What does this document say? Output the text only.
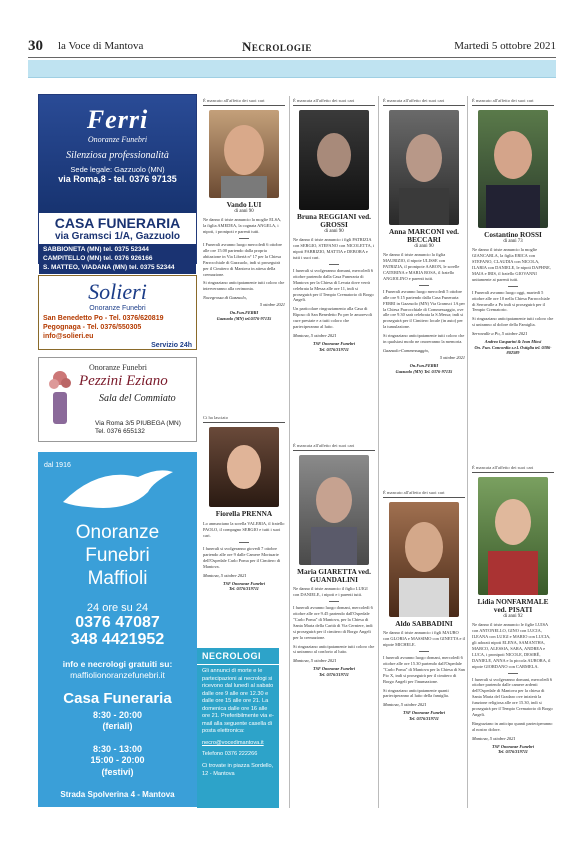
30 la Voce di Mantova	Necrologie	Martedì 5 ottobre 2021
Ferri
Onoranze Funebri
Silenziosa professionalità
Sede legale: Gazzuolo (MN)
via Roma,8 - tel. 0376 97135
CASA FUNERARIA
via Gramsci 1/A, Gazzuolo
SABBIONETA (MN) tel. 0375 52344
CAMPITELLO (MN) tel. 0376 926166
S. MATTEO, VIADANA (MN) tel. 0375 52344
Solieri
Onoranze Funebri
San Benedetto Po - Tel. 0376/620819
Pegognaga - Tel. 0376/550305
info@solieri.eu
Servizio 24h
Onoranze Funebri
Pezzini Eziano
Sala del Commiato
Via Roma 3/5 PIUBEGA (MN)
Tel. 0376 655132
dal 1916
Onoranze
Funebri
Maffioli
24 ore su 24
0376 47087
348 4421952
info e necrologi gratuiti su:
maffiolionoranzefunebri.it
Casa Funeraria
8:30 - 20:00
(feriali)
8:30 - 13:00
15:00 - 20:00
(festivi)
Strada Spolverina 4 - Mantova
È mancato all'affetto dei suoi cari
Vando LUI
di anni 90

Ne danno il triste annuncio la moglie ELSA, la figlia AMEDEA, la cognata ANGELA, i nipoti, i pronipoti e parenti tutti.

I Funerali avranno luogo mercoledì 6 ottobre alle ore 15.00 partendo dalla propria abitazione in Via Libertà n° 17 per la Chiesa Parrocchiale di Gazzuolo, indi si proseguirà per il Cimitero di Mantova in attesa della cremazione.

Si ringraziano anticipatamente tutti coloro che interverranno alla cerimonia.

Nocegrossa di Gazzuolo,
5 ottobre 2021
On.Fun.FERRI
Gazzuolo (MN) tel.0376-97135
Ci ha lasciato
Fiorella PRENNA

Lo annunciano la sorella VALERIA, il fratello PAOLO, il compagno SERGIO e tutti i suoi cari.

I funerali si svolgeranno giovedì 7 ottobre partendo alle ore 9 dalle Camere Mortuarie dell'Ospedale Carlo Poma per il Cimitero di Mantova.

Mantova, 5 ottobre 2021
TSF Onoranze Funebri
Tel. 0376/319711
NECROLOGI

Gli annunci di morte e le partecipazioni ai necrologi si ricevono dal lunedì al sabato dalle ore 9 alle ore 12.30 e dalle ore 15 alle ore 21. La domenica dalle ore 16 alle ore 21. Preferibilmente via e-mail alla seguente casella di posta elettronica:

necro@vocedimantova.it

Telefono 0376 222266

Ci trovate in piazza Sordello, 12 - Mantova

È mancata all'affetto dei suoi cari
Bruna REGGIANI ved. GROSSI
di anni 90

Ne danno il triste annuncio i figli PATRIZIA con SERGIO, STEFANO con NICOLETTA, i nipoti FABRIZIO, MATTIA e DEBORA e tutti i suoi cari.

I funerali si svolgeranno domani, mercoledì 6 ottobre partendo dalla Casa Funeraria di Mantova per la Chiesa di Levata dove verrà celebrata la Messa alle ore 11, indi si proseguirà per il Tempio Crematorio di Borgo Angeli.

Un particolare ringraziamento alla Casa di Riposo di San Benedetto Po per le amorevoli cure prestate e a tutti coloro che parteciperanno al lutto.

Mantova, 5 ottobre 2021
TSF Onoranze Funebri
Tel. 0376/319711
È mancata all'affetto dei suoi cari
Maria GIARETTA ved. GUANDALINI

Ne danno il triste annuncio il figlio LUIGI con DANIELE, i nipoti e i parenti tutti.

I funerali avranno luogo domani, mercoledì 6 ottobre alle ore 9.45 partendo dall'Ospedale "Carlo Poma" di Mantova, per la Chiesa di Santa Maria della Carità di Via Cerniere, indi si proseguirà per il cimitero di Borgo Angeli per la cremazione.

Si ringraziano anticipatamente tutti coloro che si uniranno al conforto al lutto.

Mantova, 5 ottobre 2021
TSF Onoranze Funebri
Tel. 0376/319711
È mancata all'affetto dei suoi cari
Anna MARCONI ved. BECCARI
di anni 90

Ne danno il triste annuncio la figlia MAURIZIO, il nipote ULISSE con PATRIZIA, il pronipote AARON, le sorelle CATERINA e MARIA ROSA, il fratello ANGIOLINO e parenti tutti.

I Funerali avranno luogo mercoledì 5 ottobre alle ore 9.15 partendo dalla Casa Funeraria FERRI in Gazzuolo (MN) Via Gramsci 1A per la Chiesa Parrocchiale di Commessaggio, ove alle ore 9.30 sarà celebrata la S.Messa; indi si proseguirà per il Cimitero locale (in auto) per la tumulazione.

Si ringraziano anticipatamente tutti coloro che in qualsiasi modo ne onoreranno la memoria.

Gazzuolo-Commessaggio,
5 ottobre 2021
On.Fun.FERRI
Gazzuolo (MN) Tel. 0376-97135
È mancato all'affetto dei suoi cari
Aldo SABBADINI

Ne danno il triste annuncio i figli MAURO con GLORIA e MASSIMO con GINETTA e il nipote MICHELE.

I funerali avranno luogo domani, mercoledì 6 ottobre alle ore 15.30 partendo dall'Ospedale "Carlo Poma" di Mantova per la Chiesa di San Pio X, indi si proseguirà per il cimitero di Borgo Angeli per l'inumazione.

Si ringraziano anticipatamente quanti parteciperanno al lutto della famiglia.

Mantova, 5 ottobre 2021
TSF Onoranze Funebri
Tel. 0376/319711
È mancato all'affetto dei suoi cari
Costantino ROSSI
di anni 73

Ne danno il triste annuncio la moglie GIANCARLA, la figlia ERICA con STEFANO, CLAUDIA con NICOLA, ILARIA con DANIELE, le nipoti DAPHNE, MAIA e IRIS, il fratello GIOVANNI unitamente ai parenti tutti.

I Funerali avranno luogo oggi, martedì 5 ottobre alle ore 10 nella Chiesa Parrocchiale di Serravalle a Po indi si proseguirà per il Tempio Crematorio.

Si ringraziano anticipatamente tutti coloro che si uniranno al dolore della Famiglia.

Serravalle a Po, 5 ottobre 2021
Andrea Gasparini & Ivan Miosi
On. Fun. Concordia s.r.l. Ostiglia tel. 0386-802589
È mancata all'affetto dei suoi cari
Lidia NONFARMALE ved. PISATI
di anni 92

Ne danno il triste annuncio le figlie LUISA con ANTONELLO, GINO con LUCIA, ILEANA con LUIGI e MARIO con LUCIA, gli adorati nipoti ELENA, SAMANTHA, MARCO, ALESSIA, SARA, ANDREA e LUCA, i pronipoti NICOLE, DESIRÈ, DANIELE, ANNA e la piccola AURORA, il nipote GIORDANO con CARMELA.

I funerali si svolgeranno domani, mercoledì 6 ottobre partendo dalle camere ardenti dell'Ospedale di Mantova per la chiesa di Santa Maria del Gradaro ove inizierà la funzione religiosa alle ore 15.30, indi si proseguirà per il Tempio Crematorio di Borgo Angeli.

Ringraziano in anticipo quanti parteciperanno al nostro dolore.

Mantova, 5 ottobre 2021
TSF Onoranze Funebri
Tel. 0376/319711
